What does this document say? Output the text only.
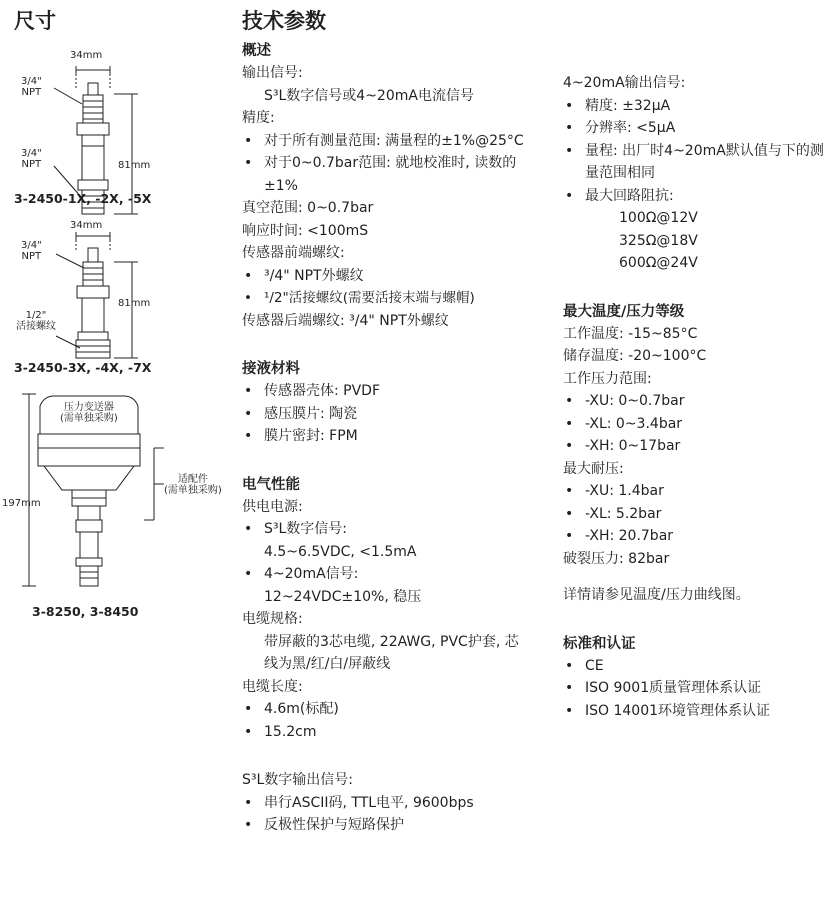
尺寸
34mm
3/4"
NPT
3/4"
NPT	81mm
3-2450-1X, -2X, -5X
34mm
3/4"
NPT
1/2"
活接螺纹
81mm
3-2450-3X, -4X, -7X
压力变送器
(需单独采购)
适配件
(需单独采购)
197mm
3-8250, 3-8450
技术参数
概述
输出信号:
S³L数字信号或4~20mA电流信号
精度:
• 对于所有测量范围: 满量程的±1%@25°C
• 对于0~0.7bar范围: 就地校准时, 读数的±1%
真空范围: 0~0.7bar
响应时间: <100mS
传感器前端螺纹:
• ³/4" NPT外螺纹
• ¹/2"活接螺纹(需要活接末端与螺帽)
传感器后端螺纹: ³/4" NPT外螺纹
接液材料
• 传感器壳体: PVDF
• 感压膜片: 陶瓷
• 膜片密封: FPM
电气性能
供电电源:
• S³L数字信号:
4.5~6.5VDC, <1.5mA
• 4~20mA信号:
12~24VDC±10%, 稳压
电缆规格:
带屏蔽的3芯电缆, 22AWG, PVC护套, 芯线为黑/红/白/屏蔽线
电缆长度:
• 4.6m(标配)
• 15.2cm
S³L数字输出信号:
• 串行ASCII码, TTL电平, 9600bps
• 反极性保护与短路保护
4~20mA输出信号:
• 精度: ±32μA
• 分辨率: <5μA
• 量程: 出厂时4~20mA默认值与下的测量范围相同
• 最大回路阻抗:
100Ω@12V
325Ω@18V
600Ω@24V
最大温度/压力等级
工作温度: -15~85°C
储存温度: -20~100°C
工作压力范围:
• -XU: 0~0.7bar
• -XL: 0~3.4bar
• -XH: 0~17bar
最大耐压:
• -XU: 1.4bar
• -XL: 5.2bar
• -XH: 20.7bar
破裂压力: 82bar
详情请参见温度/压力曲线图。
标准和认证
• CE
• ISO 9001质量管理体系认证
• ISO 14001环境管理体系认证
